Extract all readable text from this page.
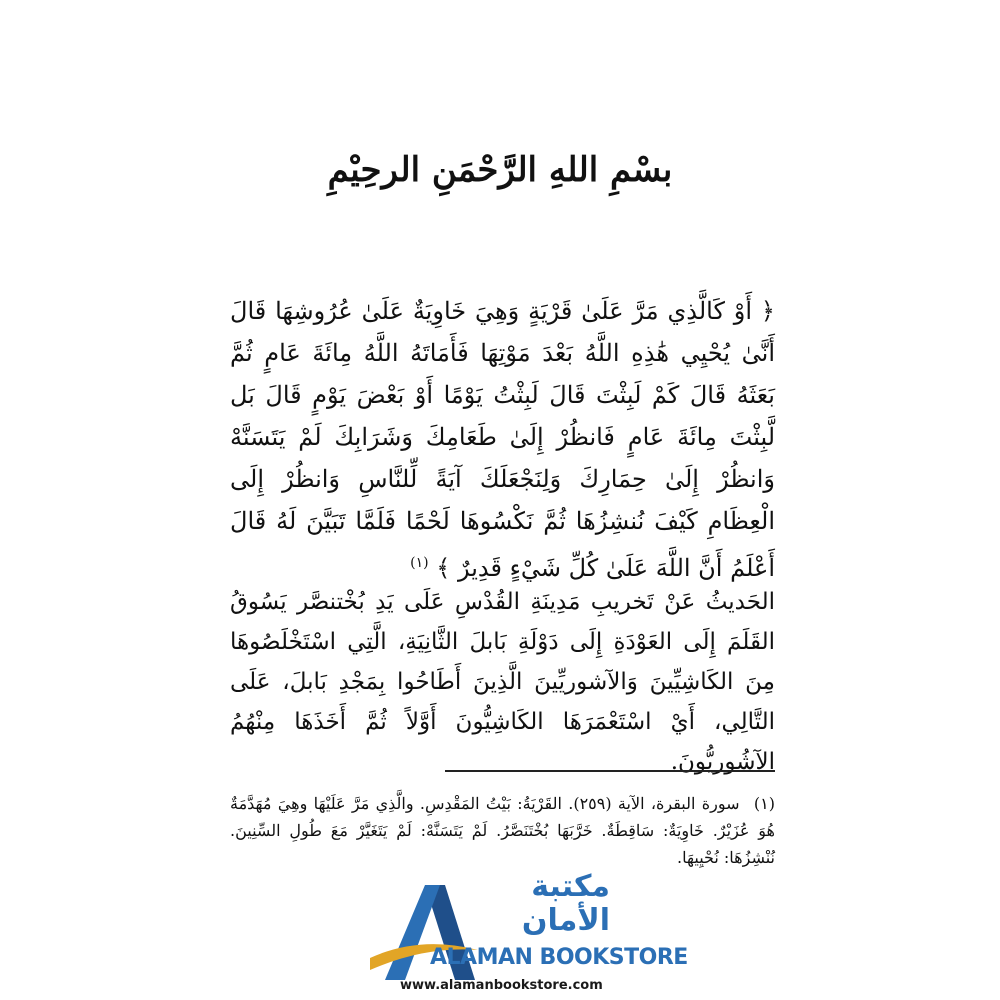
بسْمِ اللهِ الرَّحْمَنِ الرحِيْمِ
﴿ أَوْ كَالَّذِي مَرَّ عَلَىٰ قَرْيَةٍ وَهِيَ خَاوِيَةٌ عَلَىٰ عُرُوشِهَا قَالَ أَنَّىٰ يُحْيِي هَٰذِهِ اللَّهُ بَعْدَ مَوْتِهَا فَأَمَاتَهُ اللَّهُ مِائَةَ عَامٍ ثُمَّ بَعَثَهُ قَالَ كَمْ لَبِثْتَ قَالَ لَبِثْتُ يَوْمًا أَوْ بَعْضَ يَوْمٍ قَالَ بَل لَّبِثْتَ مِائَةَ عَامٍ فَانظُرْ إِلَىٰ طَعَامِكَ وَشَرَابِكَ لَمْ يَتَسَنَّهْ وَانظُرْ إِلَىٰ حِمَارِكَ وَلِنَجْعَلَكَ آيَةً لِّلنَّاسِ وَانظُرْ إِلَى الْعِظَامِ كَيْفَ نُنشِزُهَا ثُمَّ نَكْسُوهَا لَحْمًا فَلَمَّا تَبَيَّنَ لَهُ قَالَ أَعْلَمُ أَنَّ اللَّهَ عَلَىٰ كُلِّ شَيْءٍ قَدِيرٌ ﴾ $^{(١)}$
الحَديثُ عَنْ تَخريبِ مَدِينَةِ القُدْسِ عَلَى يَدِ بُخْتنصَّر يَسُوقُ القَلَمَ إِلَى العَوْدَةِ إِلَى دَوْلَةِ بَابلَ الثَّانِيَةِ، الَّتِي اسْتَخْلَصُوهَا مِنَ الكَاشِيِّينَ وَالآشوريِّينَ الَّذِينَ أَطَاحُوا بِمَجْدِ بَابلَ، عَلَى التَّالِي، أَيْ اسْتَعْمَرَهَا الكَاشِيُّونَ أَوَّلاً ثُمَّ أَخَذَهَا مِنْهُمُ الآشُوريُّونَ.
(١) سورة البقرة، الآية (٢٥٩). القَرْيَةُ: بَيْتُ المَقْدِسِ. والَّذِي مَرَّ عَلَيْهَا وهِيَ مُهَدَّمَةٌ هُوَ عُزَيْرٌ. خَاوِيَةٌ: سَاقِطَةٌ. خَرَّبَهَا بُخْتَنَصَّرُ. لَمْ يَتَسَنَّهْ: لَمْ يَتَغَيَّرْ مَعَ طُولِ السِّنِينَ. نُنْشِزُهَا: نُحْيِيهَا.
مكتبة
الأمان
ALAMAN BOOKSTORE
www.alamanbookstore.com
